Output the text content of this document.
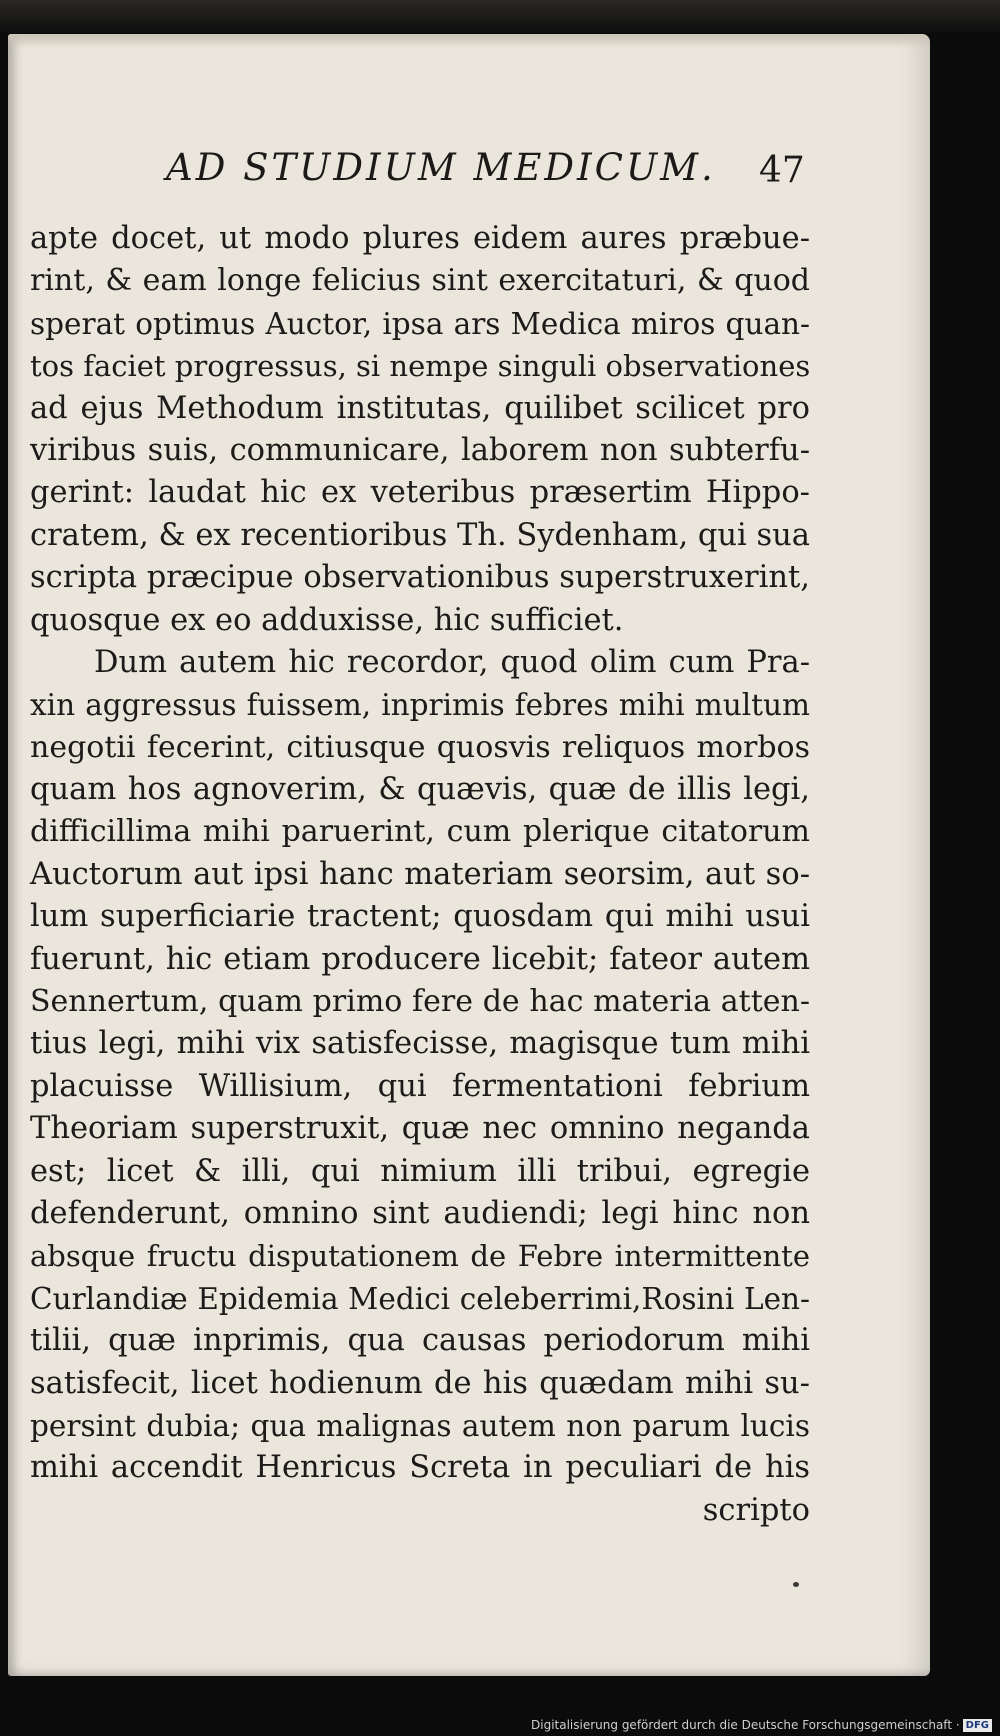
AD STUDIUM MEDICUM. 47
apte docet, ut modo plures eidem aures præbue-
rint, & eam longe felicius sint exercitaturi, & quod
sperat optimus Auctor, ipsa ars Medica miros quan-
tos faciet progressus, si nempe singuli observationes
ad ejus Methodum institutas, quilibet scilicet pro
viribus suis, communicare, laborem non subterfu-
gerint: laudat hic ex veteribus præsertim Hippo-
cratem, & ex recentioribus Th. Sydenham, qui sua
scripta præcipue observationibus superstruxerint,
quosque ex eo adduxisse, hic sufficiet.
Dum autem hic recordor, quod olim cum Pra-
xin aggressus fuissem, inprimis febres mihi multum
negotii fecerint, citiusque quosvis reliquos morbos
quam hos agnoverim, & quævis, quæ de illis legi,
difficillima mihi paruerint, cum plerique citatorum
Auctorum aut ipsi hanc materiam seorsim, aut so-
lum superficiarie tractent; quosdam qui mihi usui
fuerunt, hic etiam producere licebit; fateor autem
Sennertum, quam primo fere de hac materia atten-
tius legi, mihi vix satisfecisse, magisque tum mihi
placuisse Willisium, qui fermentationi febrium
Theoriam superstruxit, quæ nec omnino neganda
est; licet & illi, qui nimium illi tribui, egregie
defenderunt, omnino sint audiendi; legi hinc non
absque fructu disputationem de Febre intermittente
Curlandiæ Epidemia Medici celeberrimi,Rosini Len-
tilii, quæ inprimis, qua causas periodorum mihi
satisfecit, licet hodienum de his quædam mihi su-
persint dubia; qua malignas autem non parum lucis
mihi accendit Henricus Screta in peculiari de his
scripto
Digitalisierung gefördert durch die Deutsche Forschungsgemeinschaft · DFG
